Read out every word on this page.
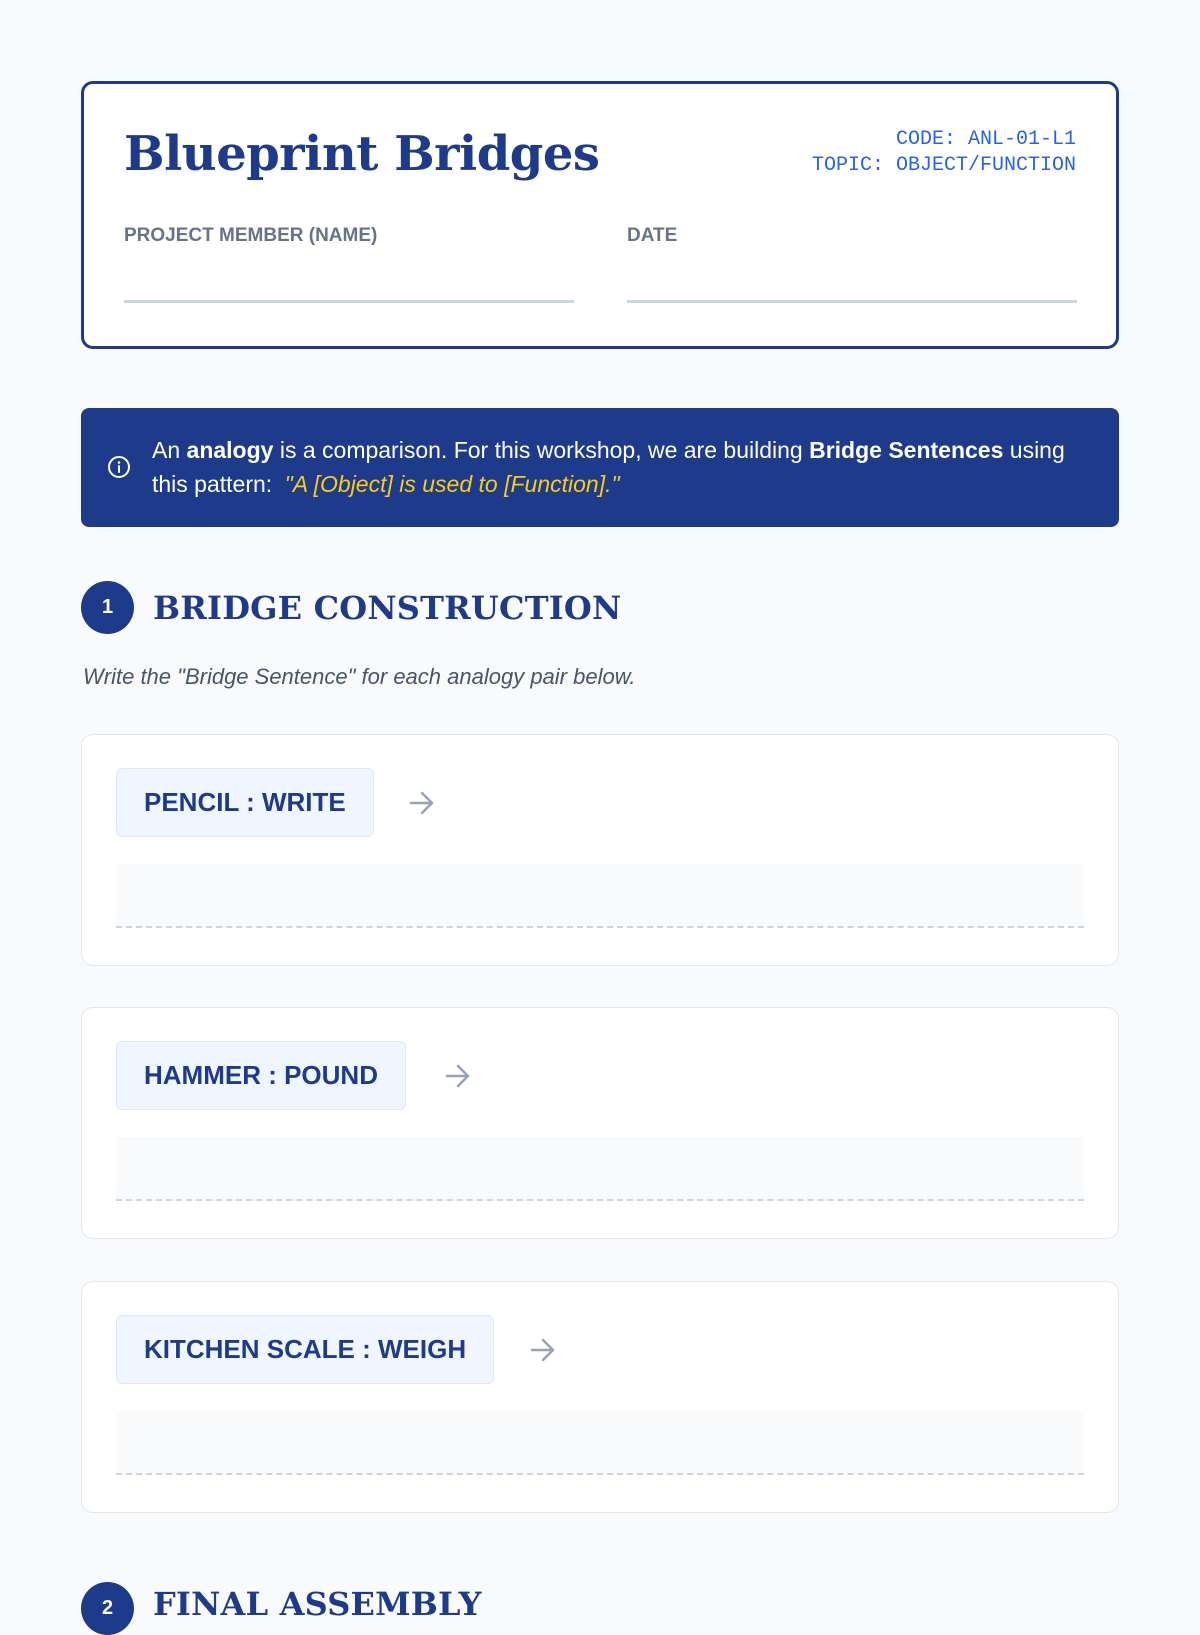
Blueprint Bridges	CODE: ANL-01-L1
TOPIC: OBJECT/FUNCTION
PROJECT MEMBER (NAME)	DATE
An analogy is a comparison. For this workshop, we are building Bridge Sentences using this pattern: "A [Object] is used to [Function]."
1	BRIDGE CONSTRUCTION

Write the "Bridge Sentence" for each analogy pair below.

PENCIL : WRITE
HAMMER : POUND
KITCHEN SCALE : WEIGH
2	FINAL ASSEMBLY
